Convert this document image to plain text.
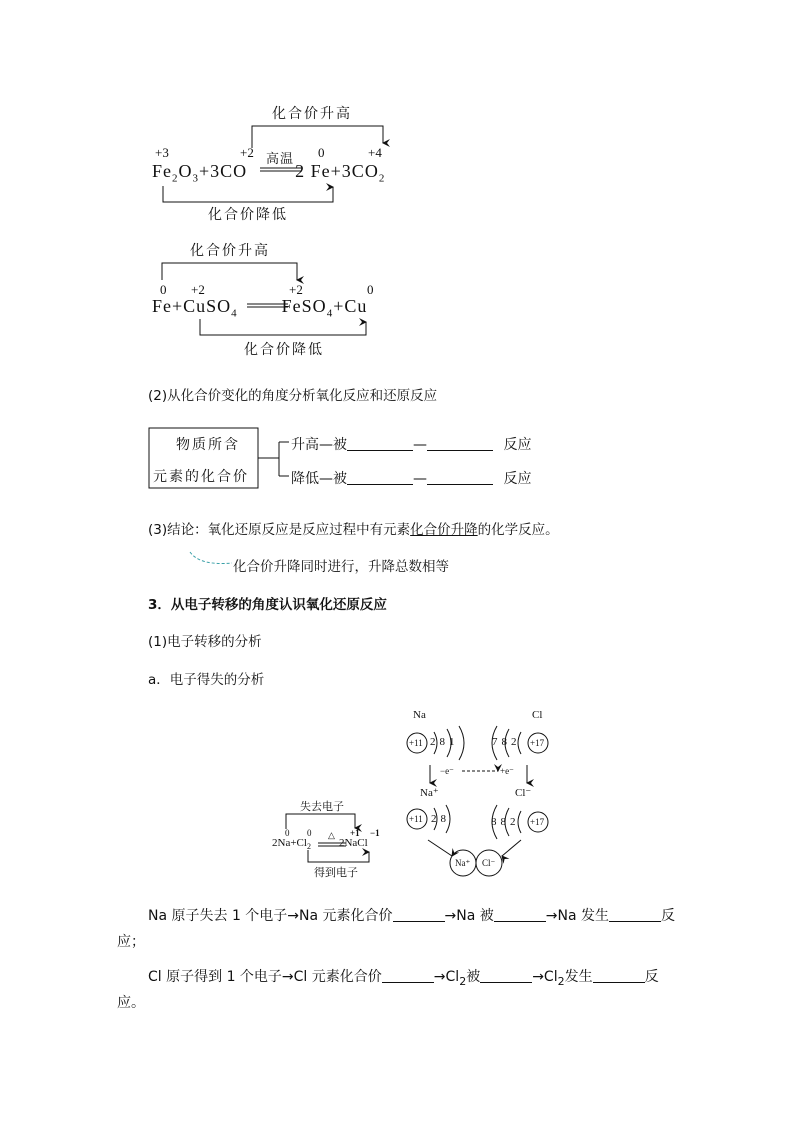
化合价升高
+3	+2 高温 0	+4
$Fe_2O_3+3CO$	2 $Fe+3CO_2$
化合价降低
化合价升高
0 +2	+2	0
Fe+CuSO$_4$ FeSO$_4$+Cu
化合价降低
(2)从化合价变化的角度分析氧化反应和还原反应
物质所含
元素的化合价
升高—被	—	反应
降低—被	—	反应
(3)结论：氧化还原反应是反应过程中有元素化合价升降的化学反应。
化合价升降同时进行，升降总数相等
3．从电子转移的角度认识氧化还原反应
(1)电子转移的分析
a．电子得失的分析
Na	Cl
+11 281	+17
782
−e⁻	+e⁻
Na⁺	Cl⁻
+11 28	+17
882
Na⁺ Cl⁻
失去电子
0 0	+1 −1
△
$2Na+Cl_2$	2NaCl
得到电子
Na 原子失去 1 个电子→Na 元素化合价	→Na 被	→Na 发生	反
应；
Cl 原子得到 1 个电子→Cl 元素化合价	$\to Cl_2$被	$\to Cl_2$发生	反
应。
